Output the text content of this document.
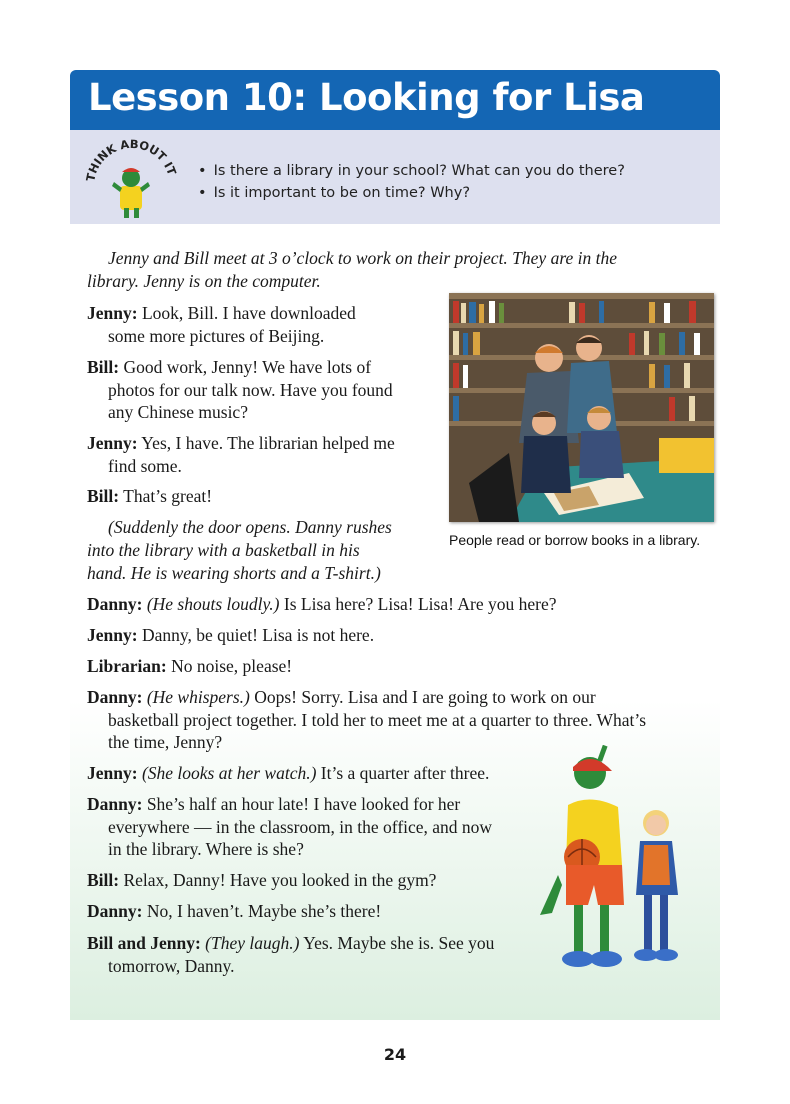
Lesson 10: Looking for Lisa
THINK ABOUT IT
•	Is there a library in your school? What can you do there?
• Is it important to be on time? Why?

Jenny and Bill meet at 3 o’clock to work on their project. They are in the

library. Jenny is on the computer.

Jenny: Look, Bill. I have downloaded
some more pictures of Beijing.

Bill: Good work, Jenny! We have lots of
photos for our talk now. Have you found
any Chinese music?

Jenny: Yes, I have. The librarian helped me
find some.

Bill: That’s great!

(Suddenly the door opens. Danny rushes

into the library with a basketball in his

hand. He is wearing shorts and a T-shirt.)

Danny: (He shouts loudly.) Is Lisa here? Lisa! Lisa! Are you here?

Jenny: Danny, be quiet! Lisa is not here.

Librarian: No noise, please!

Danny: (He whispers.) Oops! Sorry. Lisa and I are going to work on our
basketball project together. I told her to meet me at a quarter to three. What’s
the time, Jenny?

Jenny: (She looks at her watch.) It’s a quarter after three.

Danny: She’s half an hour late! I have looked for her
everywhere — in the classroom, in the office, and now
in the library. Where is she?

Bill: Relax, Danny! Have you looked in the gym?

Danny: No, I haven’t. Maybe she’s there!

Bill and Jenny: (They laugh.) Yes. Maybe she is. See you
tomorrow, Danny.

People read or borrow books in a library.
24
